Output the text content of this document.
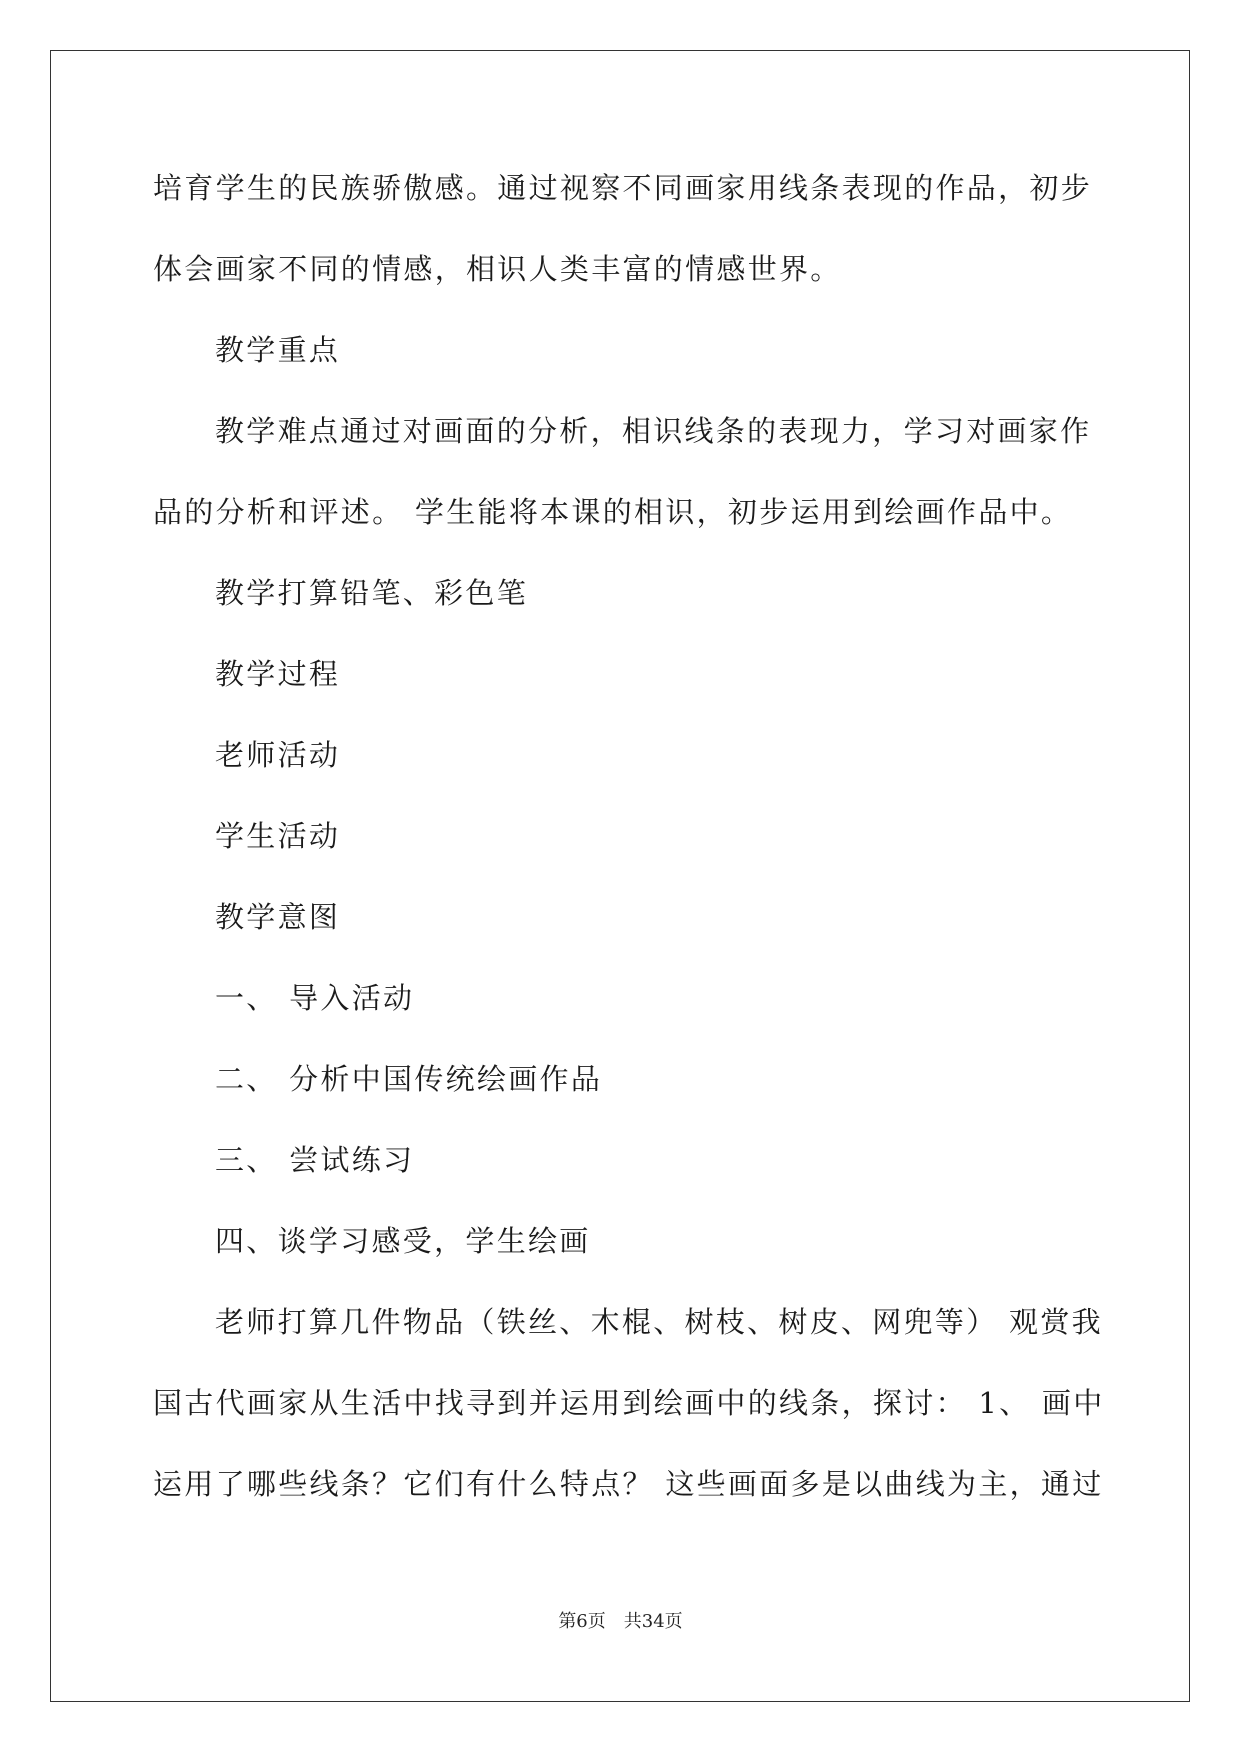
培育学生的民族骄傲感。通过视察不同画家用线条表现的作品，初步
体会画家不同的情感，相识人类丰富的情感世界。
教学重点
教学难点通过对画面的分析，相识线条的表现力，学习对画家作
品的分析和评述。 学生能将本课的相识，初步运用到绘画作品中。
教学打算铅笔、彩色笔
教学过程
老师活动
学生活动
教学意图
一、 导入活动
二、 分析中国传统绘画作品
三、 尝试练习
四、谈学习感受，学生绘画
老师打算几件物品（铁丝、木棍、树枝、树皮、网兜等） 观赏我
国古代画家从生活中找寻到并运用到绘画中的线条，探讨： 1、 画中
运用了哪些线条？它们有什么特点？ 这些画面多是以曲线为主，通过
第6页　共34页
